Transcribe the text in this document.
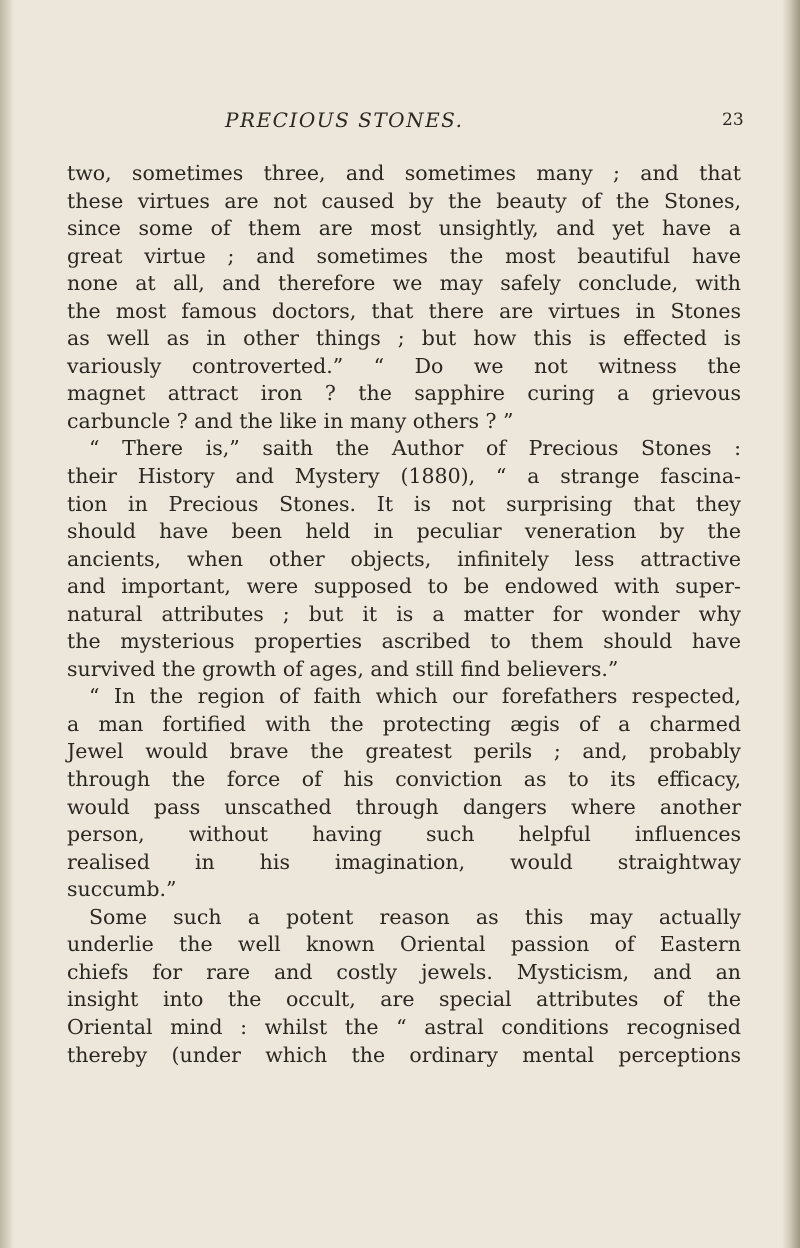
PRECIOUS STONES.	23
two, sometimes three, and sometimes many ; and that
these virtues are not caused by the beauty of the Stones,
since some of them are most unsightly, and yet have a
great virtue ; and sometimes the most beautiful have
none at all, and therefore we may safely conclude, with
the most famous doctors, that there are virtues in Stones
as well as in other things ; but how this is effected is
variously controverted.” “ Do we not witness the
magnet attract iron ? the sapphire curing a grievous
carbuncle ? and the like in many others ? ”
“ There is,” saith the Author of Precious Stones :
their History and Mystery (1880), “ a strange fascina-
tion in Precious Stones. It is not surprising that they
should have been held in peculiar veneration by the
ancients, when other objects, infinitely less attractive
and important, were supposed to be endowed with super-
natural attributes ; but it is a matter for wonder why
the mysterious properties ascribed to them should have
survived the growth of ages, and still find believers.”
“ In the region of faith which our forefathers respected,
a man fortified with the protecting ægis of a charmed
Jewel would brave the greatest perils ; and, probably
through the force of his conviction as to its efficacy,
would pass unscathed through dangers where another
person, without having such helpful influences
realised in his imagination, would straightway
succumb.”
Some such a potent reason as this may actually
underlie the well known Oriental passion of Eastern
chiefs for rare and costly jewels. Mysticism, and an
insight into the occult, are special attributes of the
Oriental mind : whilst the “ astral conditions recognised
thereby (under which the ordinary mental perceptions
